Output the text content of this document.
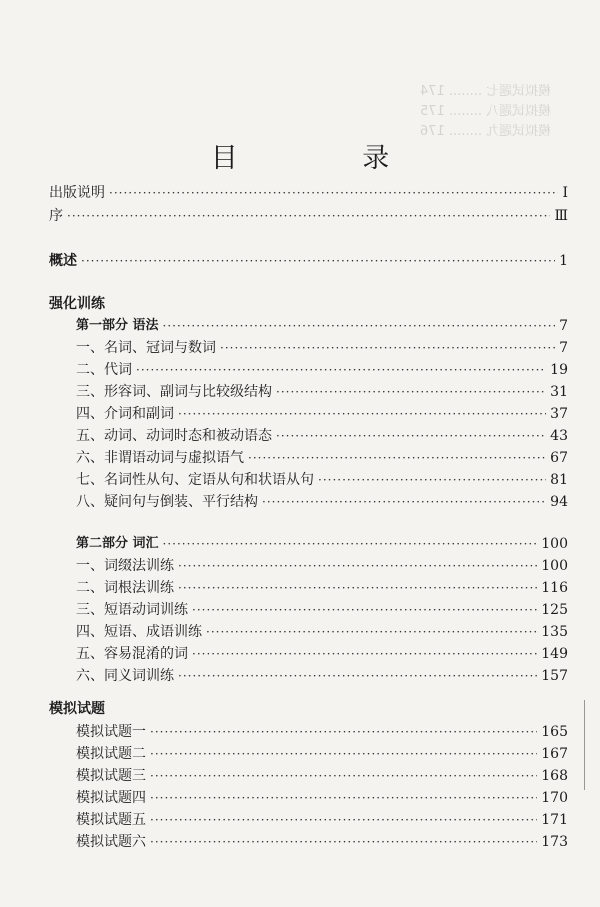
模拟试题七 ........ 174
模拟试题八 ........ 175
模拟试题九 ........ 176
目 录
出版说明 ·····	Ⅰ
序 ·····	Ⅲ
概述 ·····	1
强化训练
第一部分 语法 ·····	7
一、名词、冠词与数词 ·····	7
二、代词 ·····	19
三、形容词、副词与比较级结构 ·····	31
四、介词和副词 ·····	37
五、动词、动词时态和被动语态 ·····	43
六、非谓语动词与虚拟语气 ·····	67
七、名词性从句、定语从句和状语从句 ·····	81
八、疑问句与倒装、平行结构 ·····	94
第二部分 词汇 ·····	100
一、词缀法训练 ·····	100
二、词根法训练 ·····	116
三、短语动词训练 ·····	125
四、短语、成语训练 ·····	135
五、容易混淆的词 ·····	149
六、同义词训练 ·····	157
模拟试题
模拟试题一 ·····	165
模拟试题二 ·····	167
模拟试题三 ·····	168
模拟试题四 ·····	170
模拟试题五 ·····	171
模拟试题六 ·····	173
